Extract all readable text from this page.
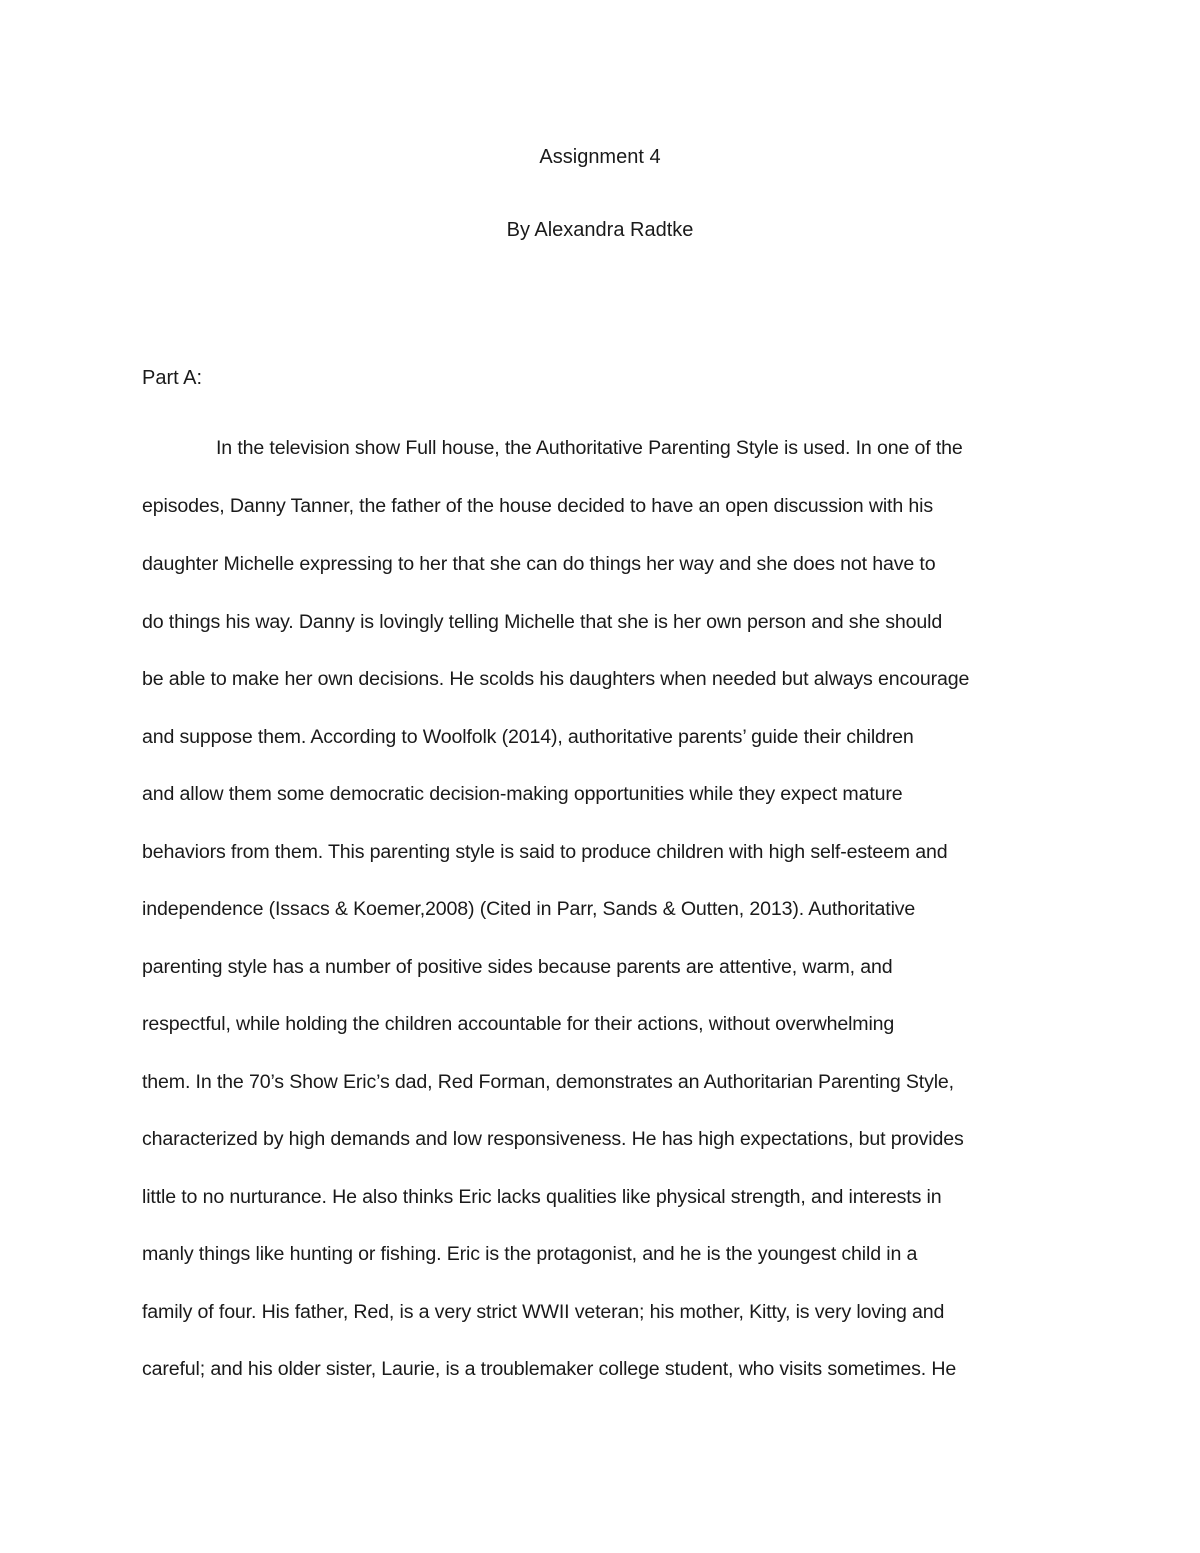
Assignment 4
By Alexandra Radtke
Part A:
In the television show Full house, the Authoritative Parenting Style is used. In one of the
episodes, Danny Tanner, the father of the house decided to have an open discussion with his
daughter Michelle expressing to her that she can do things her way and she does not have to
do things his way. Danny is lovingly telling Michelle that she is her own person and she should
be able to make her own decisions. He scolds his daughters when needed but always encourage
and suppose them. According to Woolfolk (2014), authoritative parents’ guide their children
and allow them some democratic decision-making opportunities while they expect mature
behaviors from them. This parenting style is said to produce children with high self-esteem and
independence (Issacs & Koemer,2008) (Cited in Parr, Sands & Outten, 2013). Authoritative
parenting style has a number of positive sides because parents are attentive, warm, and
respectful, while holding the children accountable for their actions, without overwhelming
them. In the 70’s Show Eric’s dad, Red Forman, demonstrates an Authoritarian Parenting Style,
characterized by high demands and low responsiveness. He has high expectations, but provides
little to no nurturance. He also thinks Eric lacks qualities like physical strength, and interests in
manly things like hunting or fishing. Eric is the protagonist, and he is the youngest child in a
family of four. His father, Red, is a very strict WWII veteran; his mother, Kitty, is very loving and
careful; and his older sister, Laurie, is a troublemaker college student, who visits sometimes. He
